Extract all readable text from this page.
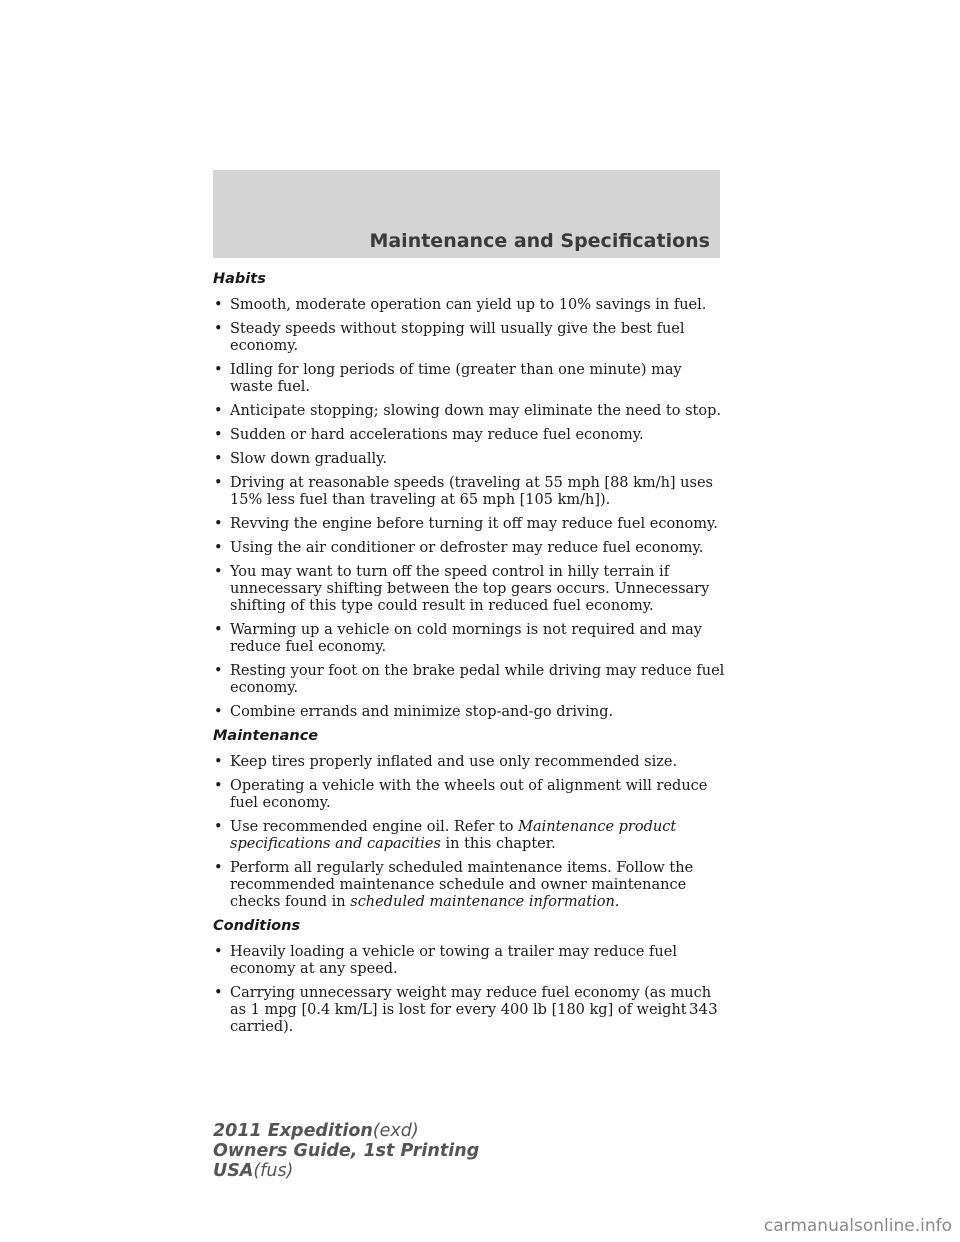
Maintenance and Specifications
Habits
• Smooth, moderate operation can yield up to 10% savings in fuel.
• Steady speeds without stopping will usually give the best fuel economy.
• Idling for long periods of time (greater than one minute) may waste fuel.
• Anticipate stopping; slowing down may eliminate the need to stop.
• Sudden or hard accelerations may reduce fuel economy.
• Slow down gradually.
• Driving at reasonable speeds (traveling at 55 mph [88 km/h] uses 15% less fuel than traveling at 65 mph [105 km/h]).
• Revving the engine before turning it off may reduce fuel economy.
• Using the air conditioner or defroster may reduce fuel economy.
• You may want to turn off the speed control in hilly terrain if unnecessary shifting between the top gears occurs. Unnecessary shifting of this type could result in reduced fuel economy.
• Warming up a vehicle on cold mornings is not required and may reduce fuel economy.
• Resting your foot on the brake pedal while driving may reduce fuel economy.
• Combine errands and minimize stop-and-go driving.
Maintenance
• Keep tires properly inflated and use only recommended size.
• Operating a vehicle with the wheels out of alignment will reduce fuel economy.
• Use recommended engine oil. Refer to Maintenance product specifications and capacities in this chapter.
• Perform all regularly scheduled maintenance items. Follow the recommended maintenance schedule and owner maintenance checks found in scheduled maintenance information.
Conditions
• Heavily loading a vehicle or towing a trailer may reduce fuel economy at any speed.
• Carrying unnecessary weight may reduce fuel economy (as much as 1 mpg [0.4 km/L] is lost for every 400 lb [180 kg] of weight carried).
343
2011 Expedition(exd)
Owners Guide, 1st Printing
USA(fus)
carmanualsonline.info
